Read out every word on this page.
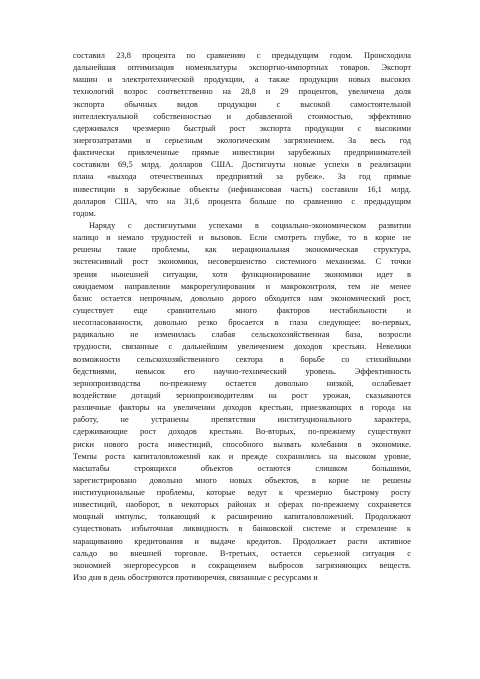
составил 23,8 процента по сравнению с предыдущим годом. Происходила
дальнейшая оптимизация номенклатуры экспортно-импортных товаров. Экспорт
машин и электротехнической продукции, а также продукции новых высоких
технологий возрос соответственно на 28,8 и 29 процентов, увеличена доля
экспорта обычных видов продукции с высокой самостоятельной
интеллектуальной собственностью и добавленной стоимостью, эффективно
сдерживался чрезмерно быстрый рост экспорта продукции с высокими
энергозатратами и серьезным экологическим загрязнением. За весь год
фактически привлеченные прямые инвестиции зарубежных предпринимателей
составили 69,5 млрд. долларов США. Достигнуты новые успехи в реализации
плана «выхода отечественных предприятий за рубеж». За год прямые
инвестиции в зарубежные объекты (нефинансовая часть) составили 16,1 млрд.
долларов США, что на 31,6 процента больше по сравнению с предыдущим
годом.
Наряду с достигнутыми успехами в социально-экономическом развитии
налицо и немало трудностей и вызовов. Если смотреть глубже, то в корне не
решены такие проблемы, как нерациональная экономическая структура,
экстенсивный рост экономики, несовершенство системного механизма. С точки
зрения нынешней ситуации, хотя функционирование экономики идет в
ожидаемом направлении макрорегулирования и макроконтроля, тем не менее
базис остается непрочным, довольно дорого обходится нам экономический рост,
существует еще сравнительно много факторов нестабильности и
несогласованности, довольно резко бросается в глаза следующее: во-первых,
радикально не изменилась слабая сельскохозяйственная база, возросли
трудности, связанные с дальнейшим увеличением доходов крестьян. Невелики
возможности сельскохозяйственного сектора в борьбе со стихийными
бедствиями, невысок его научно-технический уровень. Эффективность
зернопроизводства по-прежнему остается довольно низкой, ослабевает
воздействие дотаций зернопроизводителям на рост урожая, сказываются
различные факторы на увеличении доходов крестьян, приезжающих в города на
работу, не устранены препятствия институционального характера,
сдерживающие рост доходов крестьян. Во-вторых, по-прежнему существуют
риски нового роста инвестиций, способного вызвать колебания в экономике.
Темпы роста капиталовложений как и прежде сохранились на высоком уровне,
масштабы строящихся объектов остаются слишком большими,
зарегистрировано довольно много новых объектов, в корне не решены
институциональные проблемы, которые ведут к чрезмерно быстрому росту
инвестиций, наоборот, в некоторых районах и сферах по-прежнему сохраняется
мощный импульс, толкающий к расширению капиталовложений. Продолжают
существовать избыточная ликвидность в банковской системе и стремление к
наращиванию кредитования и выдаче кредитов. Продолжает расти активное
сальдо во внешней торговле. В-третьих, остается серьезной ситуация с
экономией энергоресурсов и сокращением выбросов загрязняющих веществ.
Изо дня в день обостряются противоречия, связанные с ресурсами и
